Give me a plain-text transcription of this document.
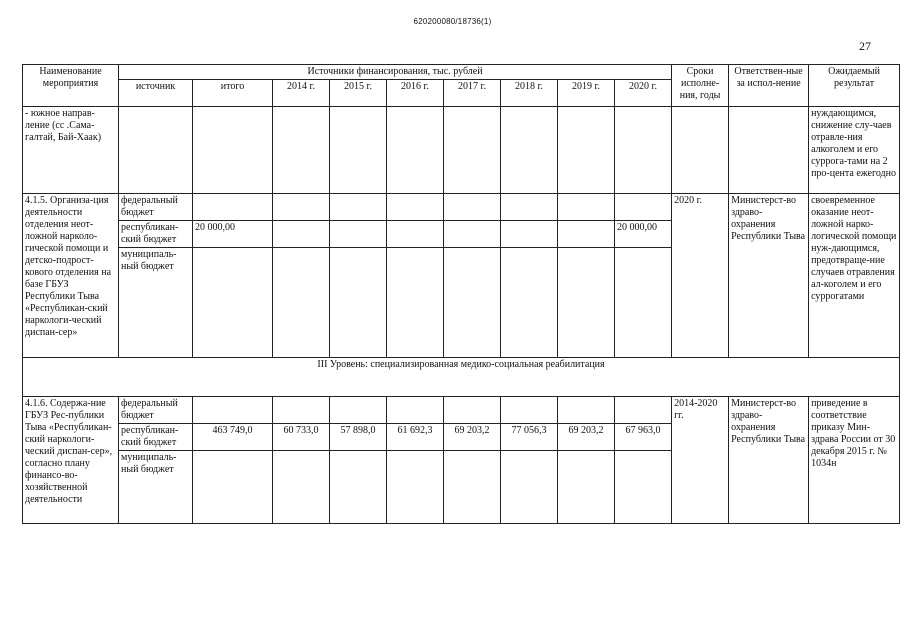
620200080/18736(1)
27
Наименование мероприятия	Источники финансирования, тыс. рублей									Сроки исполне-ния, годы	Ответствен-ные за испол-нение	Ожидаемый результат
	источник	итого	2014 г.	2015 г.	2016 г.	2017 г.	2018 г.	2019 г.	2020 г.			
- южное направ-ление (сс .Сама-галтай, Бай-Хаак)												нуждающимся, снижение слу-чаев отравле-ния алкоголем и его суррога-тами на 2 про-цента ежегодно
4.1.5. Организа-ция деятельности отделения неот-ложной нарколо-гической помощи и детско-подрост-кового отделения на базе ГБУЗ Республики Тыва «Республикан-ский наркологи-ческий диспан-сер»	федеральный бюджет									2020 г.	Министерст-во здраво-охранения Республики Тыва	своевременное оказание неот-ложной нарко-логической помощи нуж-дающимся, предотвраще-ние случаев отравления ал-коголем и его суррогатами
	республикан-ский бюджет	20 000,00							20 000,00			
	муниципаль-ный бюджет											
III Уровень: специализированная медико-социальная реабилитация												
4.1.6. Содержа-ние ГБУЗ Рес-публики Тыва «Республикан-ский наркологи-ческий диспан-сер», согласно плану финансо-во-хозяйственной деятельности	федеральный бюджет									2014-2020 гг.	Министерст-во здраво-охранения Республики Тыва	приведение в соответствие приказу Мин-здрава России от 30 декабря 2015 г. № 1034н
	республикан-ский бюджет	463 749,0	60 733,0	57 898,0	61 692,3	69 203,2	77 056,3	69 203,2	67 963,0			
	муниципаль-ный бюджет											
